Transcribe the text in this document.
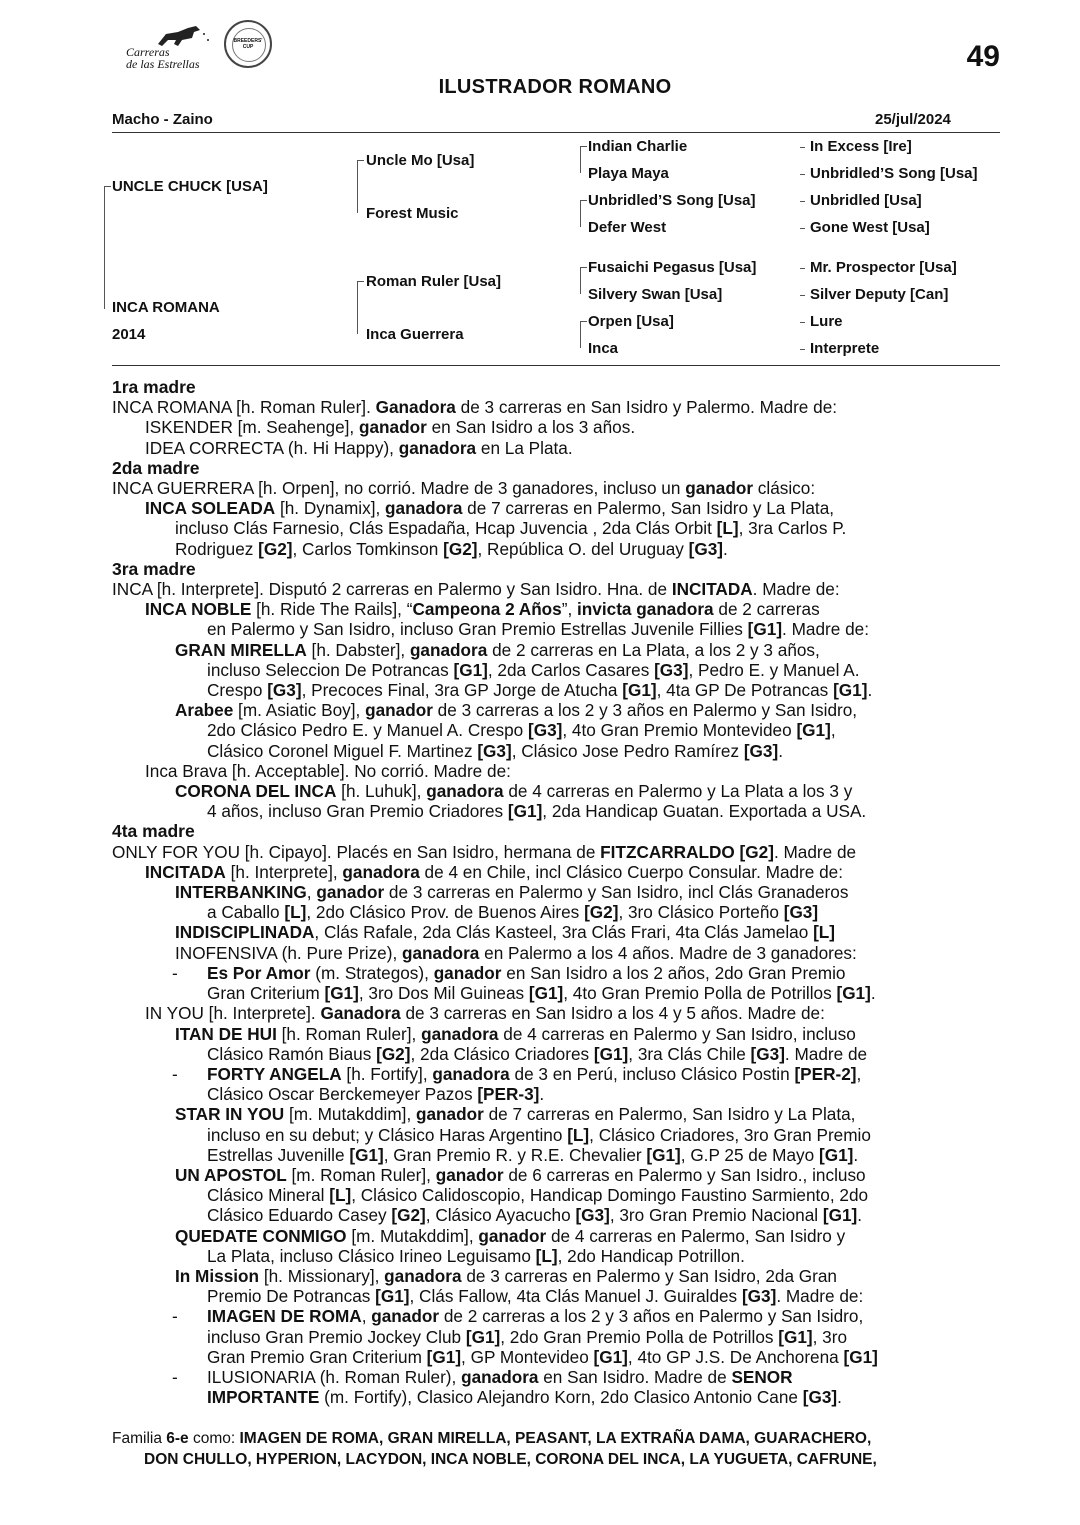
Carreras
de las Estrellas
BREEDERS' CUP	49
ILUSTRADOR ROMANO
Macho - Zaino	25/jul/2024
UNCLE CHUCK [USA]
INCA ROMANA
2014
Uncle Mo [Usa]
Forest Music
Roman Ruler [Usa]
Inca Guerrera
Indian Charlie
Playa Maya
Unbridled’S Song [Usa]
Defer West
Fusaichi Pegasus [Usa]
Silvery Swan [Usa]
Orpen [Usa]
Inca
In Excess [Ire]
Unbridled’S Song [Usa]
Unbridled [Usa]
Gone West [Usa]
Mr. Prospector [Usa]
Silver Deputy [Can]
Lure
Interprete

1ra madre

INCA ROMANA [h. Roman Ruler]. Ganadora de 3 carreras en San Isidro y Palermo. Madre de:

ISKENDER [m. Seahenge], ganador en San Isidro a los 3 años.

IDEA CORRECTA (h. Hi Happy), ganadora en La Plata.

2da madre

INCA GUERRERA [h. Orpen], no corrió. Madre de 3 ganadores, incluso un ganador clásico:

INCA SOLEADA [h. Dynamix], ganadora de 7 carreras en Palermo, San Isidro y La Plata,

incluso Clás Farnesio, Clás Espadaña, Hcap Juvencia , 2da Clás Orbit [L], 3ra Carlos P.

Rodriguez [G2], Carlos Tomkinson [G2], República O. del Uruguay [G3].

3ra madre

INCA [h. Interprete]. Disputó 2 carreras en Palermo y San Isidro. Hna. de INCITADA. Madre de:

INCA NOBLE [h. Ride The Rails], “Campeona 2 Años”, invicta ganadora de 2 carreras

en Palermo y San Isidro, incluso Gran Premio Estrellas Juvenile Fillies [G1]. Madre de:

GRAN MIRELLA [h. Dabster], ganadora de 2 carreras en La Plata, a los 2 y 3 años,

incluso Seleccion De Potrancas [G1], 2da Carlos Casares [G3], Pedro E. y Manuel A.

Crespo [G3], Precoces Final, 3ra GP Jorge de Atucha [G1], 4ta GP De Potrancas [G1].

Arabee [m. Asiatic Boy], ganador de 3 carreras a los 2 y 3 años en Palermo y San Isidro,

2do Clásico Pedro E. y Manuel A. Crespo [G3], 4to Gran Premio Montevideo [G1],

Clásico Coronel Miguel F. Martinez [G3], Clásico Jose Pedro Ramírez [G3].

Inca Brava [h. Acceptable]. No corrió. Madre de:

CORONA DEL INCA [h. Luhuk], ganadora de 4 carreras en Palermo y La Plata a los 3 y

4 años, incluso Gran Premio Criadores [G1], 2da Handicap Guatan. Exportada a USA.

4ta madre

ONLY FOR YOU [h. Cipayo]. Placés en San Isidro, hermana de FITZCARRALDO [G2]. Madre de

INCITADA [h. Interprete], ganadora de 4 en Chile, incl Clásico Cuerpo Consular. Madre de:

INTERBANKING, ganador de 3 carreras en Palermo y San Isidro, incl Clás Granaderos

a Caballo [L], 2do Clásico Prov. de Buenos Aires [G2], 3ro Clásico Porteño [G3]

INDISCIPLINADA, Clás Rafale, 2da Clás Kasteel, 3ra Clás Frari, 4ta Clás Jamelao [L]

INOFENSIVA (h. Pure Prize), ganadora en Palermo a los 4 años. Madre de 3 ganadores:

- Es Por Amor (m. Strategos), ganador en San Isidro a los 2 años, 2do Gran Premio

Gran Criterium [G1], 3ro Dos Mil Guineas [G1], 4to Gran Premio Polla de Potrillos [G1].

IN YOU [h. Interprete]. Ganadora de 3 carreras en San Isidro a los 4 y 5 años. Madre de:

ITAN DE HUI [h. Roman Ruler], ganadora de 4 carreras en Palermo y San Isidro, incluso

Clásico Ramón Biaus [G2], 2da Clásico Criadores [G1], 3ra Clás Chile [G3]. Madre de

- FORTY ANGELA [h. Fortify], ganadora de 3 en Perú, incluso Clásico Postin [PER-2],

Clásico Oscar Berckemeyer Pazos [PER-3].

STAR IN YOU [m. Mutakddim], ganador de 7 carreras en Palermo, San Isidro y La Plata,

incluso en su debut; y Clásico Haras Argentino [L], Clásico Criadores, 3ro Gran Premio

Estrellas Juvenille [G1], Gran Premio R. y R.E. Chevalier [G1], G.P 25 de Mayo [G1].

UN APOSTOL [m. Roman Ruler], ganador de 6 carreras en Palermo y San Isidro., incluso

Clásico Mineral [L], Clásico Calidoscopio, Handicap Domingo Faustino Sarmiento, 2do

Clásico Eduardo Casey [G2], Clásico Ayacucho [G3], 3ro Gran Premio Nacional [G1].

QUEDATE CONMIGO [m. Mutakddim], ganador de 4 carreras en Palermo, San Isidro y

La Plata, incluso Clásico Irineo Leguisamo [L], 2do Handicap Potrillon.

In Mission [h. Missionary], ganadora de 3 carreras en Palermo y San Isidro, 2da Gran

Premio De Potrancas [G1], Clás Fallow, 4ta Clás Manuel J. Guiraldes [G3]. Madre de:

- IMAGEN DE ROMA, ganador de 2 carreras a los 2 y 3 años en Palermo y San Isidro,

incluso Gran Premio Jockey Club [G1], 2do Gran Premio Polla de Potrillos [G1], 3ro

Gran Premio Gran Criterium [G1], GP Montevideo [G1], 4to GP J.S. De Anchorena [G1]

- ILUSIONARIA (h. Roman Ruler), ganadora en San Isidro. Madre de SENOR

IMPORTANTE (m. Fortify), Clasico Alejandro Korn, 2do Clasico Antonio Cane [G3].

Familia 6-e como: IMAGEN DE ROMA, GRAN MIRELLA, PEASANT, LA EXTRAÑA DAMA, GUARACHERO,
DON CHULLO, HYPERION, LACYDON, INCA NOBLE, CORONA DEL INCA, LA YUGUETA, CAFRUNE,
